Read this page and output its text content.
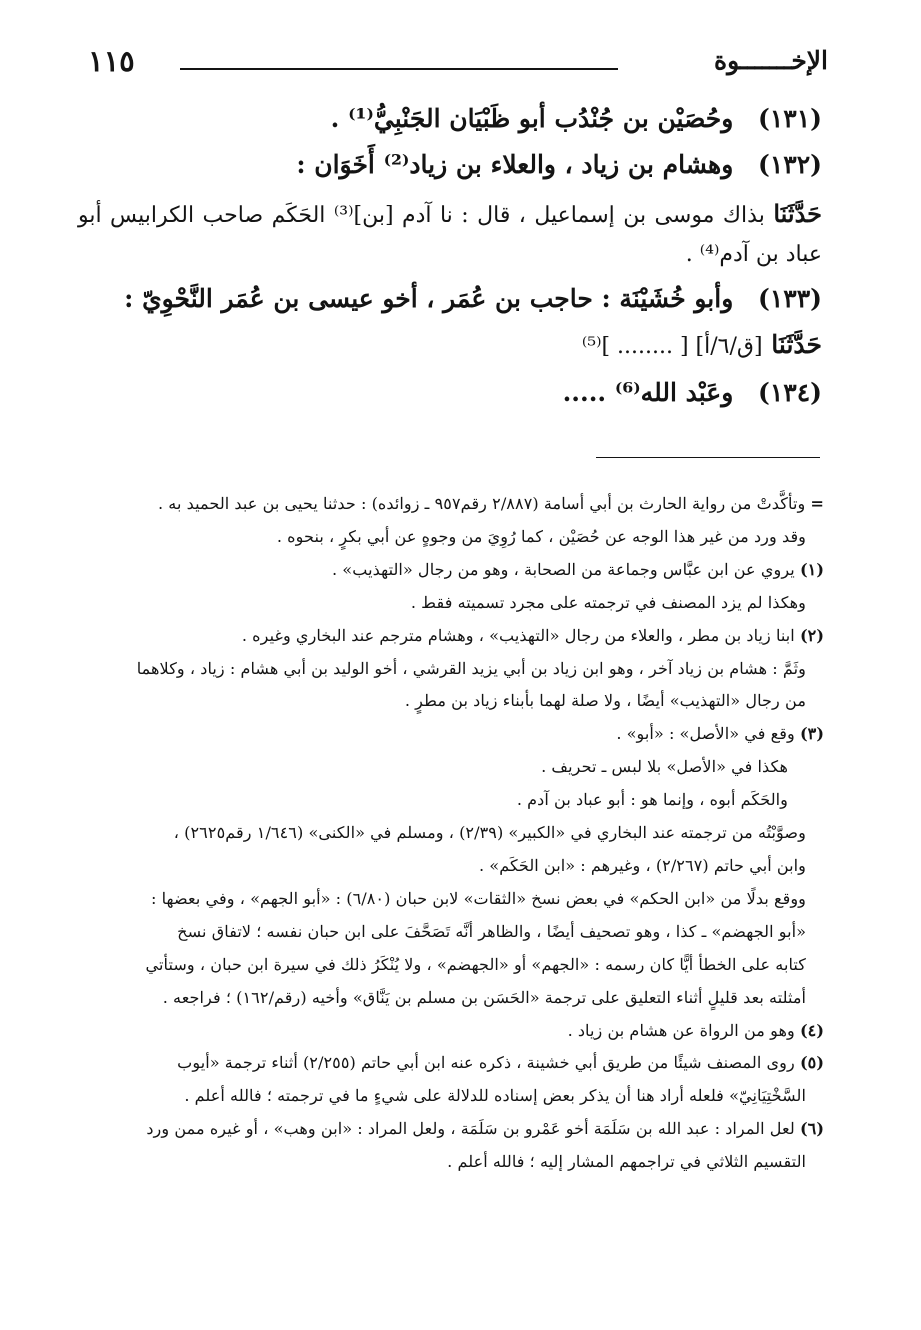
الإخـــــــوة
١١٥
(١٣١) وحُصَيْن بن جُنْدُب أبو ظَبْيَان الجَنْبِيُّ⁽¹⁾ .
(١٣٢) وهشام بن زياد ، والعلاء بن زياد⁽²⁾ أَخَوَان :
حَدَّثَنَا بذاك موسى بن إسماعيل ، قال : نا آدم [بن]⁽³⁾ الحَكَم صاحب الكرابيس أبو عباد بن آدم⁽⁴⁾ .
(١٣٣) وأبو خُشَيْنَة : حاجب بن عُمَر ، أخو عيسى بن عُمَر النَّحْوِيّ :
حَدَّثَنَا [ق/٦/أ] [ ........ ]⁽⁵⁾
(١٣٤) وعَبْد الله⁽⁶⁾ .....
= وتأكَّدتْ من رواية الحارث بن أبي أسامة (٢/٨٨٧ رقم٩٥٧ ـ زوائده) : حدثنا يحيى بن عبد الحميد به .
وقد ورد من غير هذا الوجه عن حُصَيْن ، كما رُوِيَ من وجوهٍ عن أبي بكرٍ ، بنحوه .
(١) يروي عن ابن عبَّاس وجماعة من الصحابة ، وهو من رجال «التهذيب» .
وهكذا لم يزد المصنف في ترجمته على مجرد تسميته فقط .
(٢) ابنا زياد بن مطر ، والعلاء من رجال «التهذيب» ، وهشام مترجم عند البخاري وغيره .
وثَمَّ : هشام بن زياد آخر ، وهو ابن زياد بن أبي يزيد القرشي ، أخو الوليد بن أبي هشام : زياد ، وكلاهما
من رجال «التهذيب» أيضًا ، ولا صلة لهما بأبناء زياد بن مطرٍ .
(٣) وقع في «الأصل» : «أبو» .
هكذا في «الأصل» بلا لبس ـ تحريف .
والحَكَم أبوه ، وإنما هو : أبو عباد بن آدم .
وصوَّبْتُه من ترجمته عند البخاري في «الكبير» (٢/٣٩) ، ومسلم في «الكنى» (١/٦٤٦ رقم٢٦٢٥) ،
وابن أبي حاتم (٢/٢٦٧) ، وغيرهم : «ابن الحَكَم» .
ووقع بدلًا من «ابن الحكم» في بعض نسخ «الثقات» لابن حبان (٦/٨٠) : «أبو الجهم» ، وفي بعضها :
«أبو الجهضم» ـ كذا ، وهو تصحيف أيضًا ، والظاهر أنَّه تَصَحَّفَ على ابن حبان نفسه ؛ لاتفاق نسخ
كتابه على الخطأ أيًّا كان رسمه : «الجهم» أو «الجهضم» ، ولا يُنْكَرُ ذلك في سيرة ابن حبان ، وستأتي
أمثلته بعد قليلٍ أثناء التعليق على ترجمة «الحَسَن بن مسلم بن يَنَّاق» وأخيه (رقم/١٦٢) ؛ فراجعه .
(٤) وهو من الرواة عن هشام بن زياد .
(٥) روى المصنف شيئًا من طريق أبي خشينة ، ذكره عنه ابن أبي حاتم (٢/٢٥٥) أثناء ترجمة «أيوب
السَّخْتِيَانِيّ» فلعله أراد هنا أن يذكر بعض إسناده للدلالة على شيءٍ ما في ترجمته ؛ فالله أعلم .
(٦) لعل المراد : عبد الله بن سَلَمَة أخو عَمْرو بن سَلَمَة ، ولعل المراد : «ابن وهب» ، أو غيره ممن ورد
التقسيم الثلاثي في تراجمهم المشار إليه ؛ فالله أعلم .
